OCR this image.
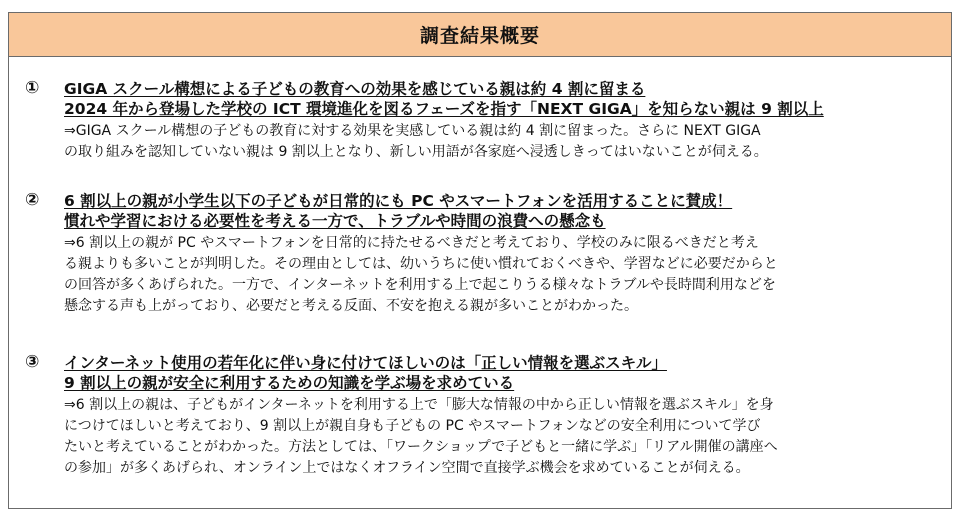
調査結果概要
① GIGA スクール構想による子どもの教育への効果を感じている親は約 4 割に留まる
2024 年から登場した学校の ICT 環境進化を図るフェーズを指す「NEXT GIGA」を知らない親は 9 割以上
⇒GIGA スクール構想の子どもの教育に対する効果を実感している親は約 4 割に留まった。さらに NEXT GIGA
の取り組みを認知していない親は 9 割以上となり、新しい用語が各家庭へ浸透しきってはいないことが伺える。
② 6 割以上の親が小学生以下の子どもが日常的にも PC やスマートフォンを活用することに賛成！
慣れや学習における必要性を考える一方で、トラブルや時間の浪費への懸念も
⇒6 割以上の親が PC やスマートフォンを日常的に持たせるべきだと考えており、学校のみに限るべきだと考え
る親よりも多いことが判明した。その理由としては、幼いうちに使い慣れておくべきや、学習などに必要だからと
の回答が多くあげられた。一方で、インターネットを利用する上で起こりうる様々なトラブルや長時間利用などを
懸念する声も上がっており、必要だと考える反面、不安を抱える親が多いことがわかった。
③ インターネット使用の若年化に伴い身に付けてほしいのは「正しい情報を選ぶスキル」
9 割以上の親が安全に利用するための知識を学ぶ場を求めている
⇒6 割以上の親は、子どもがインターネットを利用する上で「膨大な情報の中から正しい情報を選ぶスキル」を身
につけてほしいと考えており、9 割以上が親自身も子どもの PC やスマートフォンなどの安全利用について学び
たいと考えていることがわかった。方法としては、「ワークショップで子どもと一緒に学ぶ」「リアル開催の講座へ
の参加」が多くあげられ、オンライン上ではなくオフライン空間で直接学ぶ機会を求めていることが伺える。
